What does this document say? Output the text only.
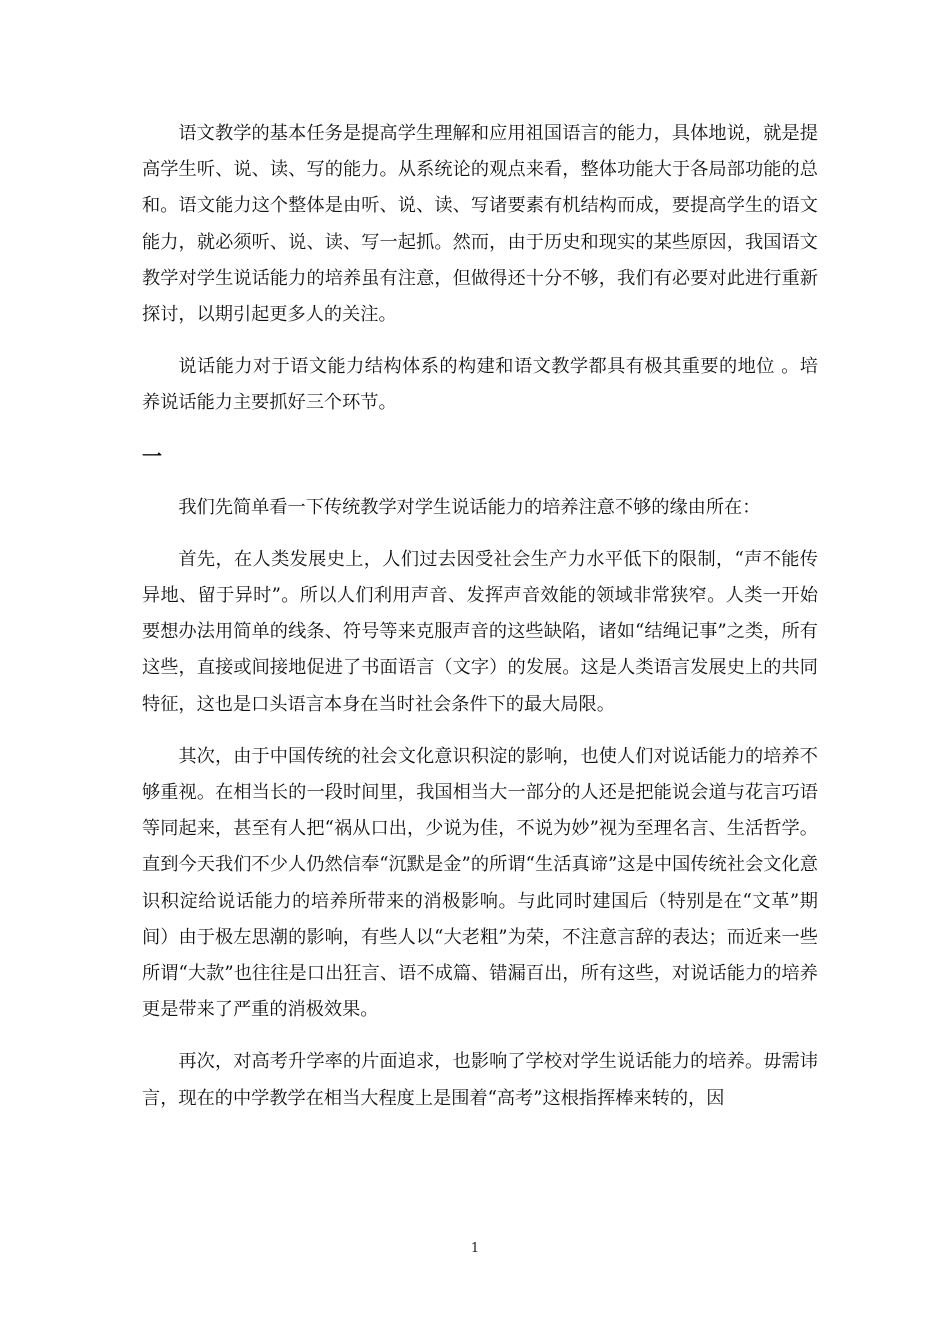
语文教学的基本任务是提高学生理解和应用祖国语言的能力，具体地说，就是提高学生听、说、读、写的能力。从系统论的观点来看，整体功能大于各局部功能的总和。语文能力这个整体是由听、说、读、写诸要素有机结构而成，要提高学生的语文能力，就必须听、说、读、写一起抓。然而，由于历史和现实的某些原因，我国语文教学对学生说话能力的培养虽有注意，但做得还十分不够，我们有必要对此进行重新探讨，以期引起更多人的关注。

说话能力对于语文能力结构体系的构建和语文教学都具有极其重要的地位 。培养说话能力主要抓好三个环节。

一

我们先简单看一下传统教学对学生说话能力的培养注意不够的缘由所在：

首先，在人类发展史上，人们过去因受社会生产力水平低下的限制，“声不能传异地、留于异时”。所以人们利用声音、发挥声音效能的领域非常狭窄。人类一开始要想办法用简单的线条、符号等来克服声音的这些缺陷，诸如“结绳记事”之类，所有这些，直接或间接地促进了书面语言（文字）的发展。这是人类语言发展史上的共同特征，这也是口头语言本身在当时社会条件下的最大局限。

其次，由于中国传统的社会文化意识积淀的影响，也使人们对说话能力的培养不够重视。在相当长的一段时间里，我国相当大一部分的人还是把能说会道与花言巧语等同起来，甚至有人把“祸从口出，少说为佳，不说为妙”视为至理名言、生活哲学。直到今天我们不少人仍然信奉“沉默是金”的所谓“生活真谛”这是中国传统社会文化意识积淀给说话能力的培养所带来的消极影响。与此同时建国后（特别是在“文革”期间）由于极左思潮的影响，有些人以“大老粗”为荣，不注意言辞的表达；而近来一些所谓“大款”也往往是口出狂言、语不成篇、错漏百出，所有这些，对说话能力的培养更是带来了严重的消极效果。

再次，对高考升学率的片面追求，也影响了学校对学生说话能力的培养。毋需讳言，现在的中学教学在相当大程度上是围着“高考”这根指挥棒来转的，因

1
